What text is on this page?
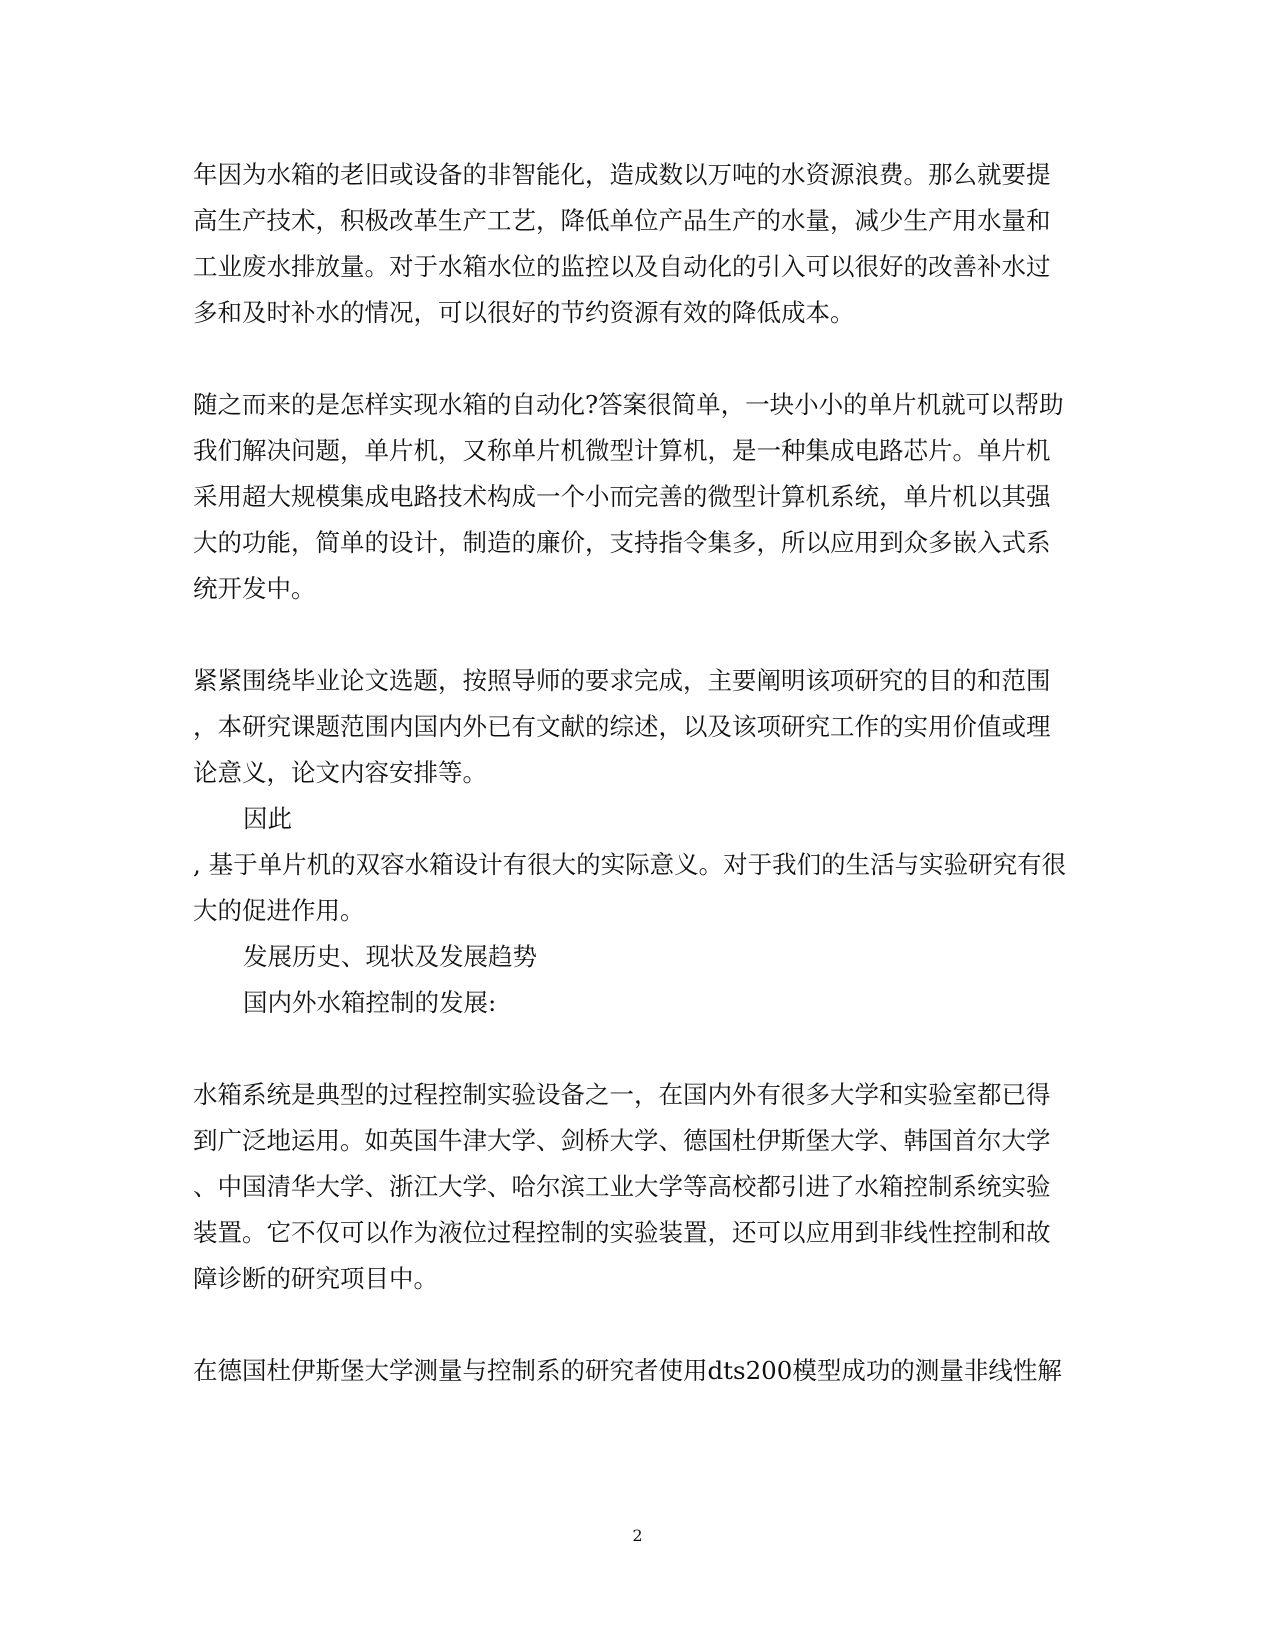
年因为水箱的老旧或设备的非智能化，造成数以万吨的水资源浪费。那么就要提
高生产技术，积极改革生产工艺，降低单位产品生产的水量，减少生产用水量和
工业废水排放量。对于水箱水位的监控以及自动化的引入可以很好的改善补水过
多和及时补水的情况，可以很好的节约资源有效的降低成本。
随之而来的是怎样实现水箱的自动化?答案很简单，一块小小的单片机就可以帮助
我们解决问题，单片机，又称单片机微型计算机，是一种集成电路芯片。单片机
采用超大规模集成电路技术构成一个小而完善的微型计算机系统，单片机以其强
大的功能，简单的设计，制造的廉价，支持指令集多，所以应用到众多嵌入式系
统开发中。
紧紧围绕毕业论文选题，按照导师的要求完成，主要阐明该项研究的目的和范围
，本研究课题范围内国内外已有文献的综述，以及该项研究工作的实用价值或理
论意义，论文内容安排等。
因此
, 基于单片机的双容水箱设计有很大的实际意义。对于我们的生活与实验研究有很
大的促进作用。
发展历史、现状及发展趋势
国内外水箱控制的发展:
水箱系统是典型的过程控制实验设备之一，在国内外有很多大学和实验室都已得
到广泛地运用。如英国牛津大学、剑桥大学、德国杜伊斯堡大学、韩国首尔大学
、中国清华大学、浙江大学、哈尔滨工业大学等高校都引进了水箱控制系统实验
装置。它不仅可以作为液位过程控制的实验装置，还可以应用到非线性控制和故
障诊断的研究项目中。
在德国杜伊斯堡大学测量与控制系的研究者使用dts200模型成功的测量非线性解
2
